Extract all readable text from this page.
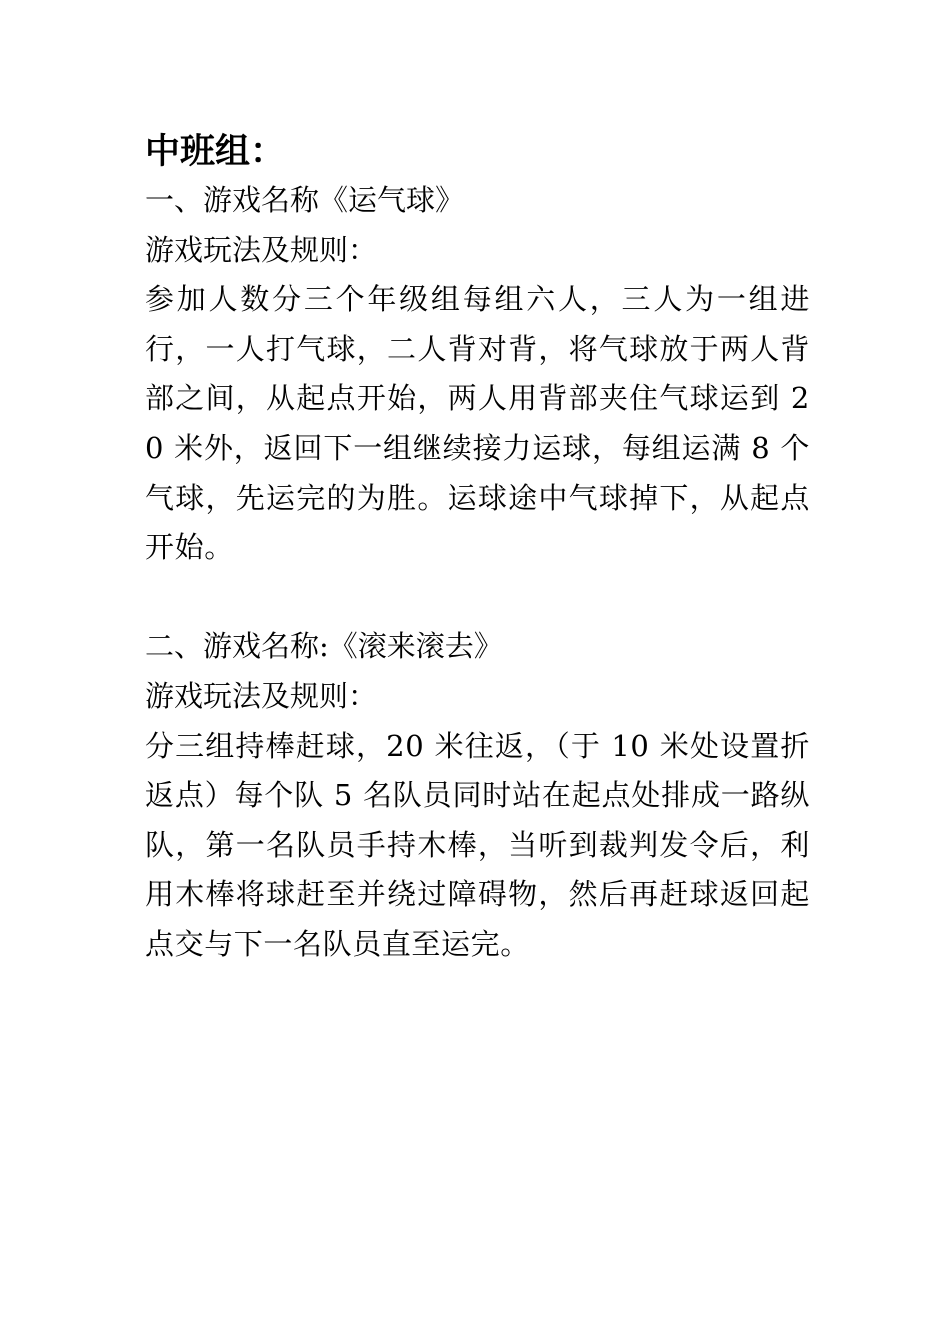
中班组：
一、游戏名称《运气球》
游戏玩法及规则：
参加人数分三个年级组每组六人，三人为一组进行，一人打气球，二人背对背，将气球放于两人背部之间，从起点开始，两人用背部夹住气球运到 20 米外，返回下一组继续接力运球，每组运满 8 个气球，先运完的为胜。运球途中气球掉下，从起点开始。
二、游戏名称:《滚来滚去》
游戏玩法及规则：
分三组持棒赶球，20 米往返，（于 10 米处设置折返点）每个队 5 名队员同时站在起点处排成一路纵队，第一名队员手持木棒，当听到裁判发令后，利用木棒将球赶至并绕过障碍物，然后再赶球返回起点交与下一名队员直至运完。
